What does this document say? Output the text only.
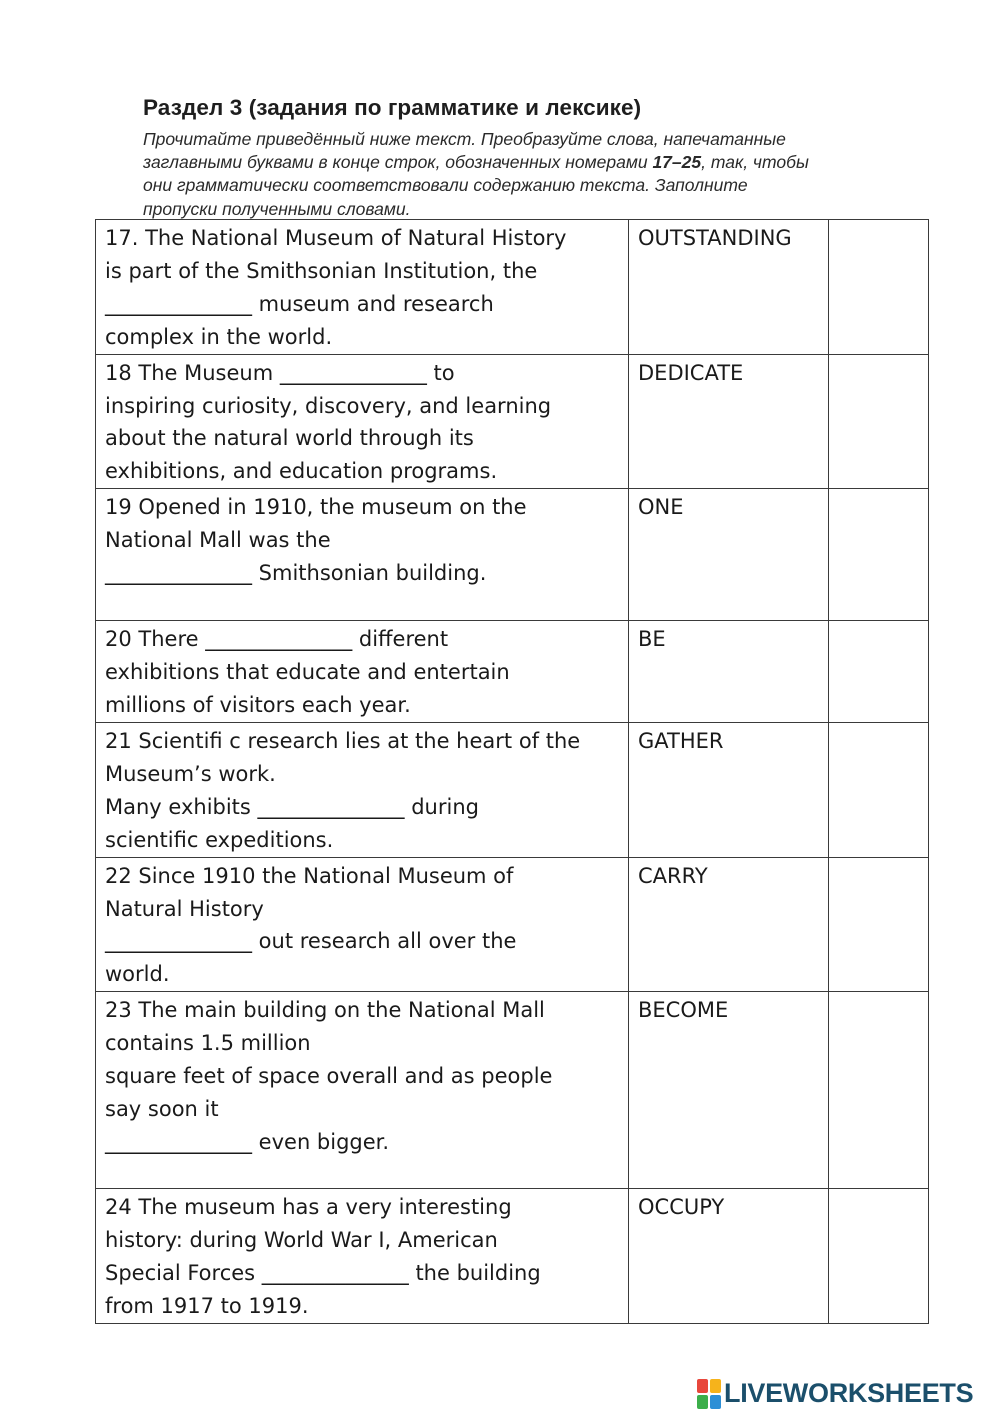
Раздел 3 (задания по грамматике и лексике)
Прочитайте приведённый ниже текст. Преобразуйте слова, напечатанные
заглавными буквами в конце строк, обозначенных номерами 17–25, так, чтобы
они грамматически соответствовали содержанию текста. Заполните
пропуски полученными словами.
17. The National Museum of Natural History
is part of the Smithsonian Institution, the
______________ museum and research
complex in the world.	OUTSTANDING	

18 The Museum ______________ to
inspiring curiosity, discovery, and learning
about the natural world through its
exhibitions, and education programs.	DEDICATE	

19 Opened in 1910, the museum on the
National Mall was the
______________ Smithsonian building.	ONE	

20 There ______________ different
exhibitions that educate and entertain
millions of visitors each year.	BE	

21 Scientifi c research lies at the heart of the
Museum’s work.
Many exhibits ______________ during
scientific expeditions.	GATHER	

22 Since 1910 the National Museum of
Natural History
______________ out research all over the
world.	CARRY	

23 The main building on the National Mall
contains 1.5 million
square feet of space overall and as people
say soon it
______________ even bigger.	BECOME	

24 The museum has a very interesting
history: during World War I, American
Special Forces ______________ the building
from 1917 to 1919.	OCCUPY	
LIVEWORKSHEETS
